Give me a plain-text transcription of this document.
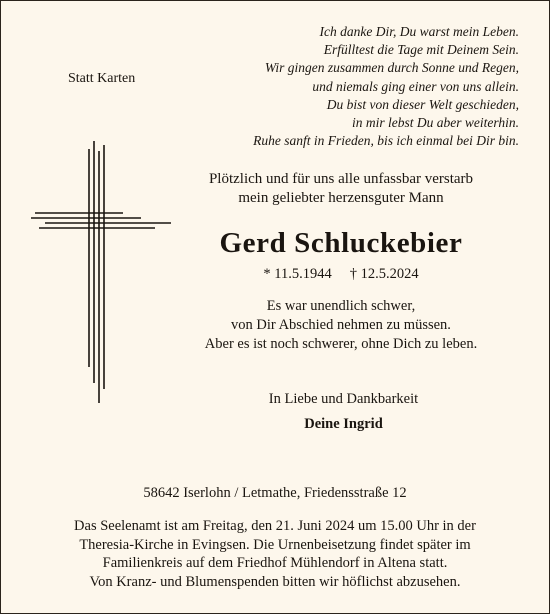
Ich danke Dir, Du warst mein Leben.
Erfülltest die Tage mit Deinem Sein.
Wir gingen zusammen durch Sonne und Regen,
und niemals ging einer von uns allein.
Du bist von dieser Welt geschieden,
in mir lebst Du aber weiterhin.
Ruhe sanft in Frieden, bis ich einmal bei Dir bin.
Statt Karten
Plötzlich und für uns alle unfassbar verstarb
mein geliebter herzensguter Mann
Gerd Schluckebier
* 11.5.1944 † 12.5.2024
Es war unendlich schwer,
von Dir Abschied nehmen zu müssen.
Aber es ist noch schwerer, ohne Dich zu leben.
In Liebe und Dankbarkeit
Deine Ingrid
58642 Iserlohn / Letmathe, Friedensstraße 12
Das Seelenamt ist am Freitag, den 21. Juni 2024 um 15.00 Uhr in der
Theresia-Kirche in Evingsen. Die Urnenbeisetzung findet später im
Familienkreis auf dem Friedhof Mühlendorf in Altena statt.
Von Kranz- und Blumenspenden bitten wir höflichst abzusehen.
